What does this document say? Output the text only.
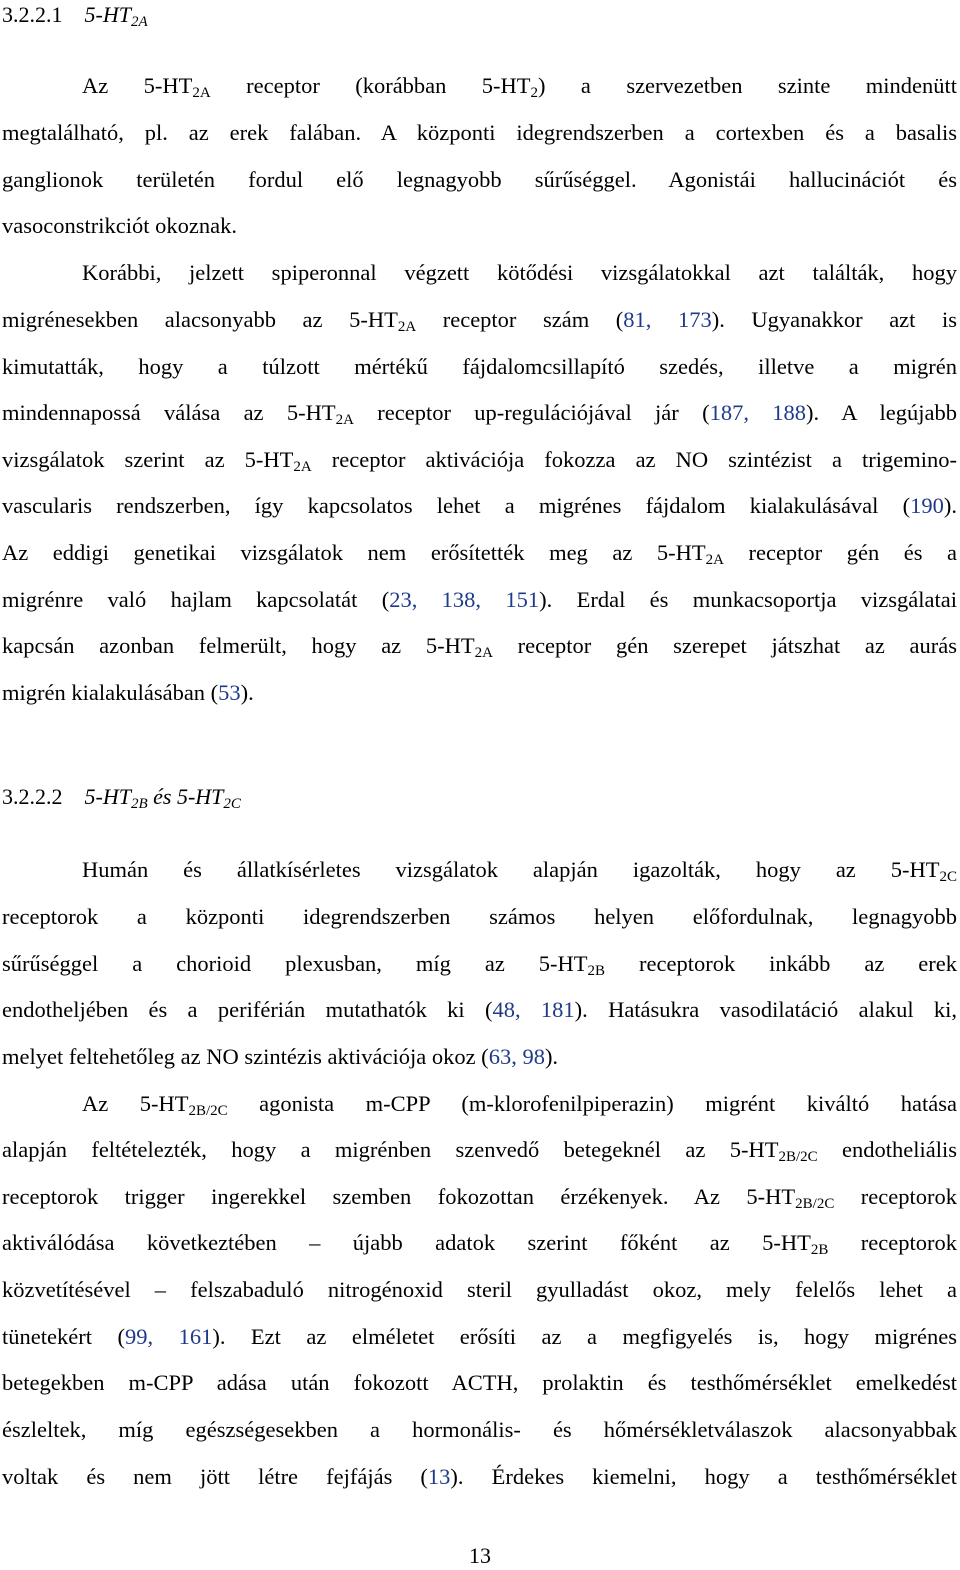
3.2.2.1 $5-HT_{2A}$
Az $5-HT_{2A}$ receptor (korábban $5-HT_2$) a szervezetben szinte mindenütt
megtalálható, pl. az erek falában. A központi idegrendszerben a cortexben és a basalis
ganglionok területén fordul elő legnagyobb sűrűséggel. Agonistái hallucinációt és
vasoconstrikciót okoznak.
Korábbi, jelzett spiperonnal végzett kötődési vizsgálatokkal azt találták, hogy
migrénesekben alacsonyabb az $5-HT_{2A}$ receptor szám (81, 173). Ugyanakkor azt is
kimutatták, hogy a túlzott mértékű fájdalomcsillapító szedés, illetve a migrén
mindennapossá válása az $5-HT_{2A}$ receptor up-regulációjával jár (187, 188). A legújabb
vizsgálatok szerint az $5-HT_{2A}$ receptor aktivációja fokozza az NO szintézist a trigemino-
vascularis rendszerben, így kapcsolatos lehet a migrénes fájdalom kialakulásával (190).
Az eddigi genetikai vizsgálatok nem erősítették meg az $5-HT_{2A}$ receptor gén és a
migrénre való hajlam kapcsolatát (23, 138, 151). Erdal és munkacsoportja vizsgálatai
kapcsán azonban felmerült, hogy az $5-HT_{2A}$ receptor gén szerepet játszhat az aurás
migrén kialakulásában (53).
3.2.2.2 $5-HT_{2B}$ és $5-HT_{2C}$
Humán és állatkísérletes vizsgálatok alapján igazolták, hogy az $5-HT_{2C}$
receptorok a központi idegrendszerben számos helyen előfordulnak, legnagyobb
sűrűséggel a chorioid plexusban, míg az $5-HT_{2B}$ receptorok inkább az erek
endotheljében és a periférián mutathatók ki (48, 181). Hatásukra vasodilatáció alakul ki,
melyet feltehetőleg az NO szintézis aktivációja okoz (63, 98).
Az $5-HT_{2B/2C}$ agonista m-CPP (m-klorofenilpiperazin) migrént kiváltó hatása
alapján feltételezték, hogy a migrénben szenvedő betegeknél az $5-HT_{2B/2C}$ endotheliális
receptorok trigger ingerekkel szemben fokozottan érzékenyek. Az $5-HT_{2B/2C}$ receptorok
aktiválódása következtében – újabb adatok szerint főként az $5-HT_{2B}$ receptorok
közvetítésével – felszabaduló nitrogénoxid steril gyulladást okoz, mely felelős lehet a
tünetekért (99, 161). Ezt az elméletet erősíti az a megfigyelés is, hogy migrénes
betegekben m-CPP adása után fokozott ACTH, prolaktin és testhőmérséklet emelkedést
észleltek, míg egészségesekben a hormonális- és hőmérsékletválaszok alacsonyabbak
voltak és nem jött létre fejfájás (13). Érdekes kiemelni, hogy a testhőmérséklet
13
